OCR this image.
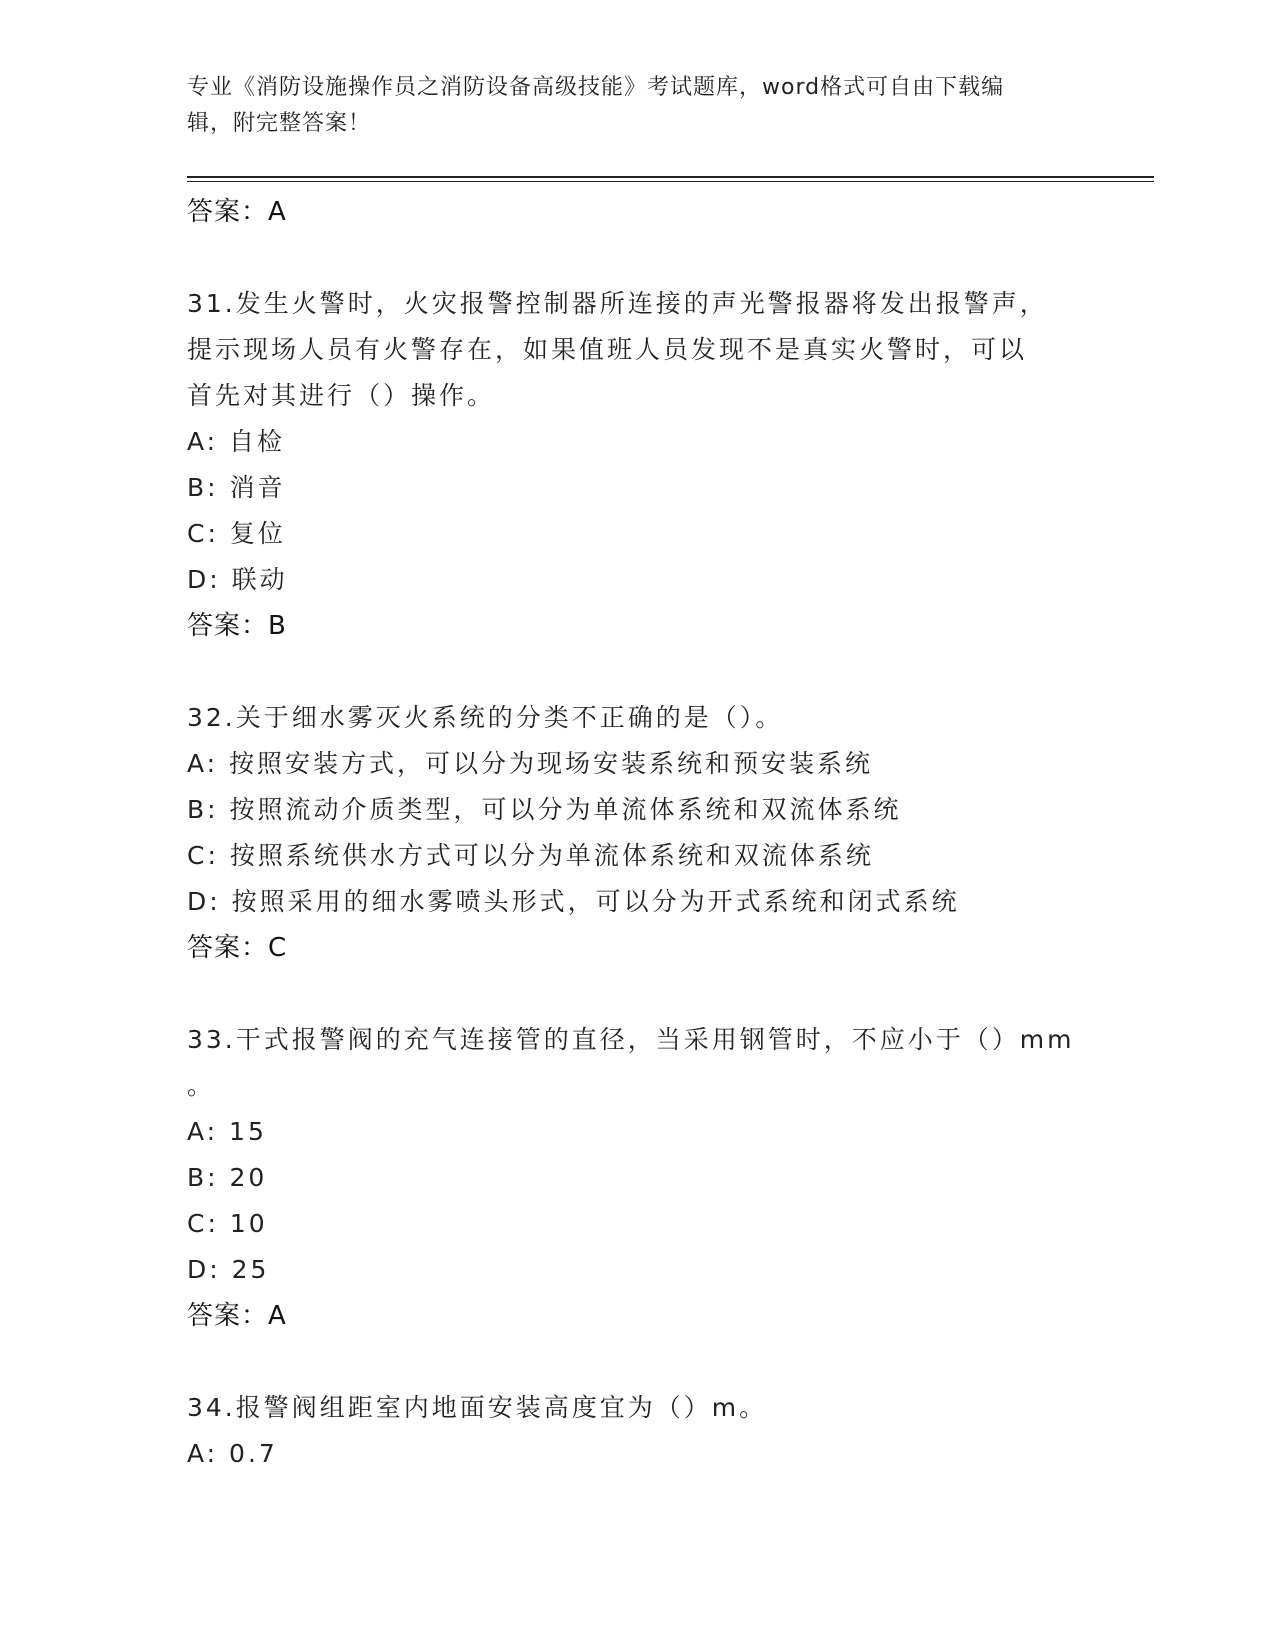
专业《消防设施操作员之消防设备高级技能》考试题库，word格式可自由下载编
辑，附完整答案！
答案：A
31.发生火警时，火灾报警控制器所连接的声光警报器将发出报警声，
提示现场人员有火警存在，如果值班人员发现不是真实火警时，可以
首先对其进行（）操作。
A: 自检
B: 消音
C: 复位
D: 联动
答案：B
32.关于细水雾灭火系统的分类不正确的是（）。
A: 按照安装方式，可以分为现场安装系统和预安装系统
B: 按照流动介质类型，可以分为单流体系统和双流体系统
C: 按照系统供水方式可以分为单流体系统和双流体系统
D: 按照采用的细水雾喷头形式，可以分为开式系统和闭式系统
答案：C
33.干式报警阀的充气连接管的直径，当采用钢管时，不应小于（）mm
。
A: 15
B: 20
C: 10
D: 25
答案：A
34.报警阀组距室内地面安装高度宜为（）m。
A: 0.7
